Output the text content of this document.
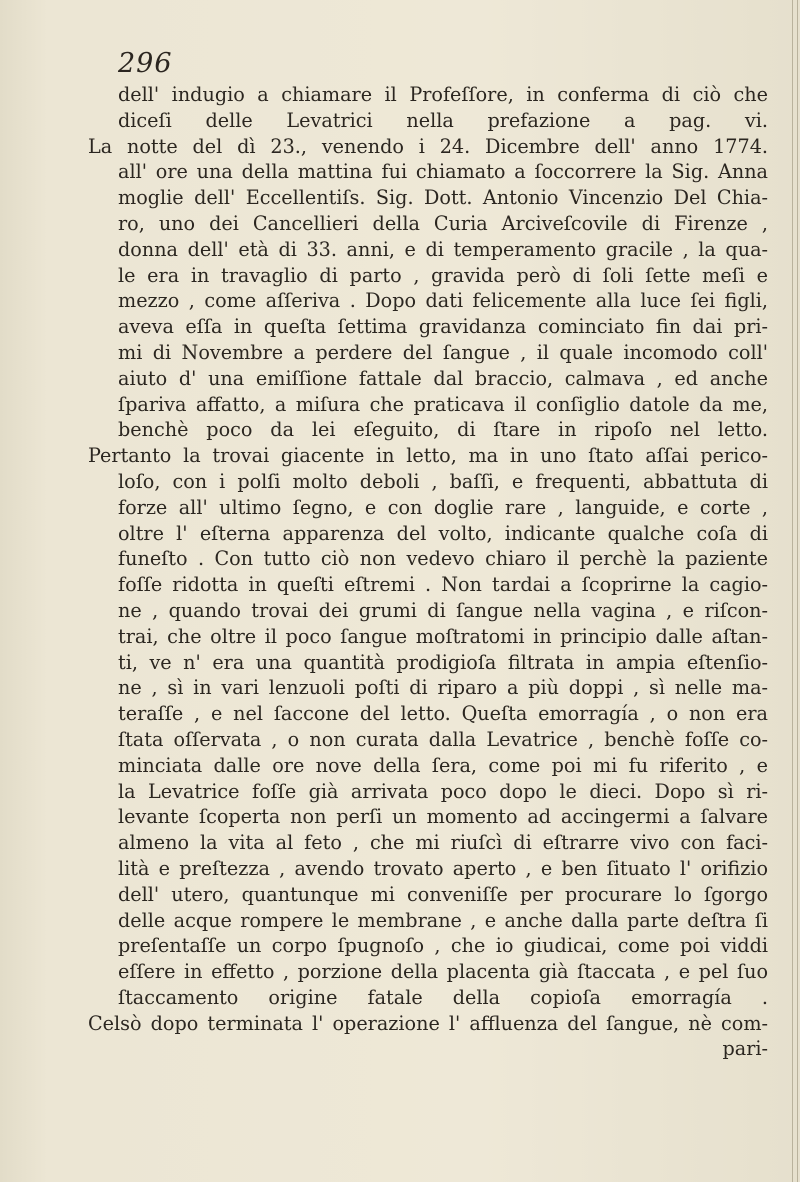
296
dell' indugio a chiamare il Profeſſore, in conferma di ciò che
diceſi delle Levatrici nella prefazione a pag. vi.
La notte del dì 23., venendo i 24. Dicembre dell' anno 1774.
all' ore una della mattina fui chiamato a ſoccorrere la Sig. Anna
moglie dell' Eccellentiſs. Sig. Dott. Antonio Vincenzio Del Chia-
ro, uno dei Cancellieri della Curia Arciveſcovile di Firenze ,
donna dell' età di 33. anni, e di temperamento gracile , la qua-
le era in travaglio di parto , gravida però di ſoli ſette meſi e
mezzo , come aſſeriva . Dopo dati felicemente alla luce ſei figli,
aveva eſſa in queſta ſettima gravidanza cominciato fin dai pri-
mi di Novembre a perdere del ſangue , il quale incomodo coll'
aiuto d' una emiſſione fattale dal braccio, calmava , ed anche
ſpariva affatto, a miſura che praticava il conſiglio datole da me,
benchè poco da lei eſeguito, di ſtare in ripoſo nel letto.
Pertanto la trovai giacente in letto, ma in uno ſtato aſſai perico-
loſo, con i polſi molto deboli , baſſi, e frequenti, abbattuta di
forze all' ultimo ſegno, e con doglie rare , languide, e corte ,
oltre l' eſterna apparenza del volto, indicante qualche coſa di
funeſto . Con tutto ciò non vedevo chiaro il perchè la paziente
foſſe ridotta in queſti eſtremi . Non tardai a ſcoprirne la cagio-
ne , quando trovai dei grumi di ſangue nella vagina , e riſcon-
trai, che oltre il poco ſangue moſtratomi in principio dalle aſtan-
ti, ve n' era una quantità prodigioſa filtrata in ampia eſtenſio-
ne , sì in vari lenzuoli poſti di riparo a più doppi , sì nelle ma-
teraſſe , e nel ſaccone del letto. Queſta emorragía , o non era
ſtata oſſervata , o non curata dalla Levatrice , benchè foſſe co-
minciata dalle ore nove della ſera, come poi mi fu riferito , e
la Levatrice foſſe già arrivata poco dopo le dieci. Dopo sì ri-
levante ſcoperta non perſi un momento ad accingermi a ſalvare
almeno la vita al feto , che mi riuſcì di eſtrarre vivo con faci-
lità e preſtezza , avendo trovato aperto , e ben ſituato l' orifizio
dell' utero, quantunque mi conveniſſe per procurare lo ſgorgo
delle acque rompere le membrane , e anche dalla parte deſtra ſi
preſentaſſe un corpo ſpugnoſo , che io giudicai, come poi viddi
eſſere in effetto , porzione della placenta già ſtaccata , e pel ſuo
ſtaccamento origine fatale della copioſa emorragía .
Celsò dopo terminata l' operazione l' affluenza del ſangue, nè com-
pari-
